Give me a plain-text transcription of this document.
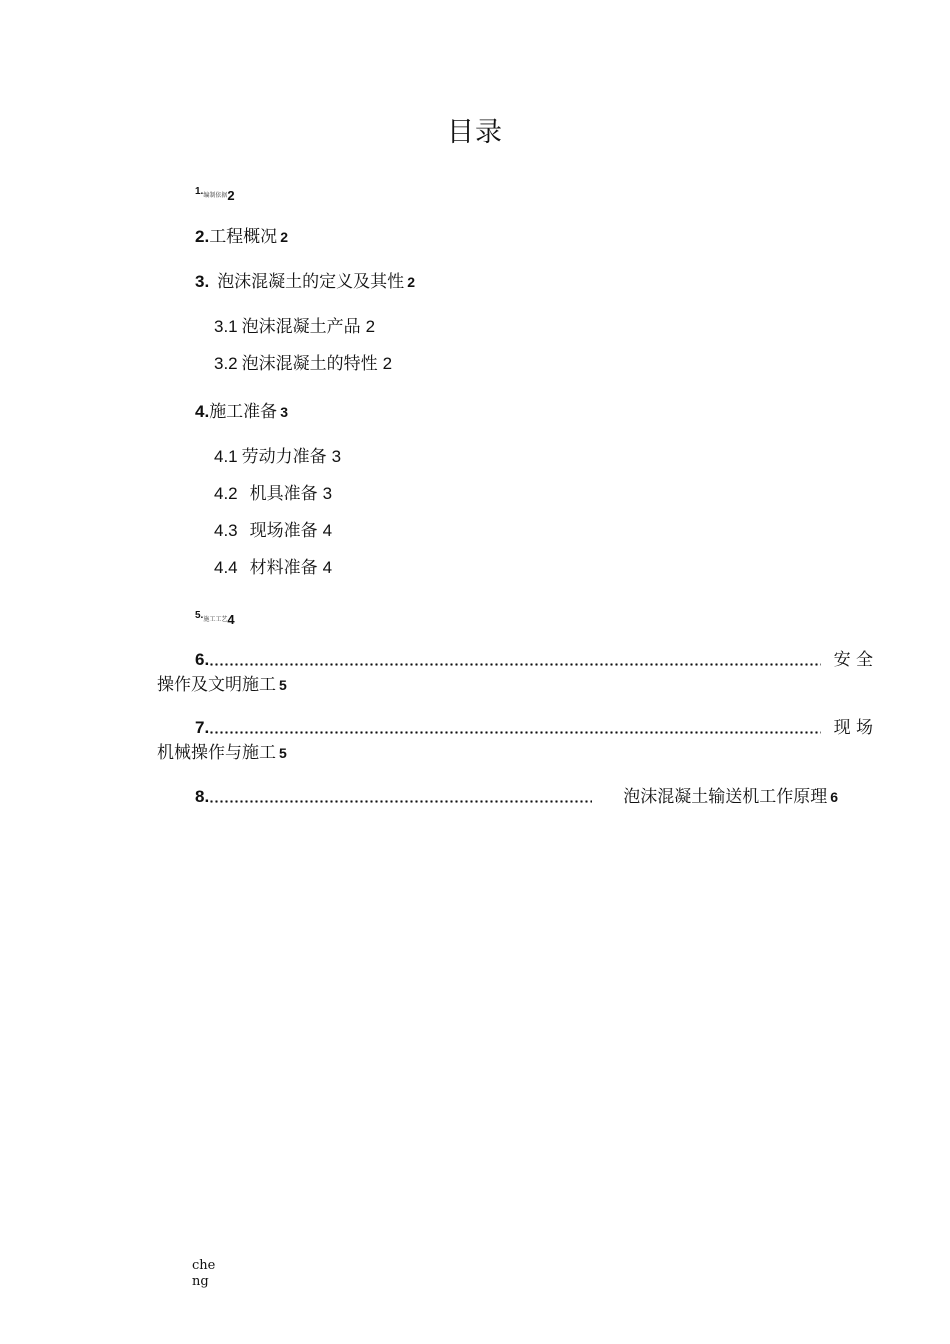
目录
$^{1.}$编制依据2
2.工程概况 2
3. 泡沫混凝土的定义及其性 2
3.1 泡沫混凝土产品 2
3.2 泡沫混凝土的特性 2
4.施工准备 3
4.1 劳动力准备 3
4.2 机具准备 3
4.3 现场准备 4
4.4 材料准备 4
$^{5.}$施工工艺4
6.	安 全
操作及文明施工 5
7.	现 场
机械操作与施工 5
8.	泡沫混凝土输送机工作原理 6
che
ng
